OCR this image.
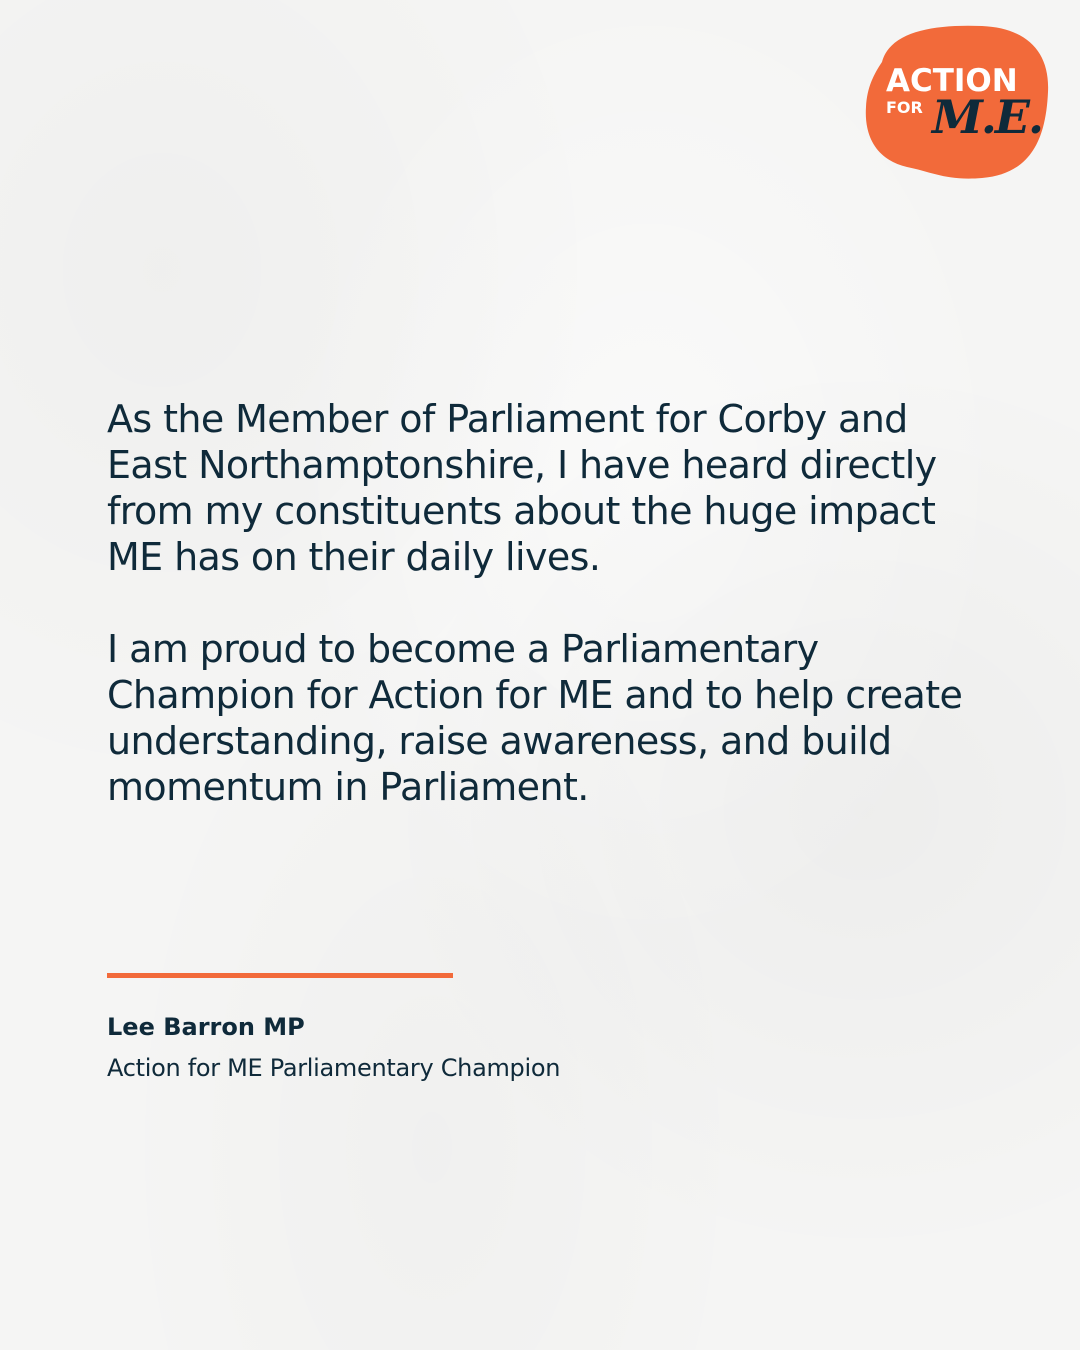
ACTION
FOR M.E.

As the Member of Parliament for Corby and East Northamptonshire, I have heard directly from my constituents about the huge impact ME has on their daily lives.

I am proud to become a Parliamentary Champion for Action for ME and to help create understanding, raise awareness, and build momentum in Parliament.

Lee Barron MP

Action for ME Parliamentary Champion
